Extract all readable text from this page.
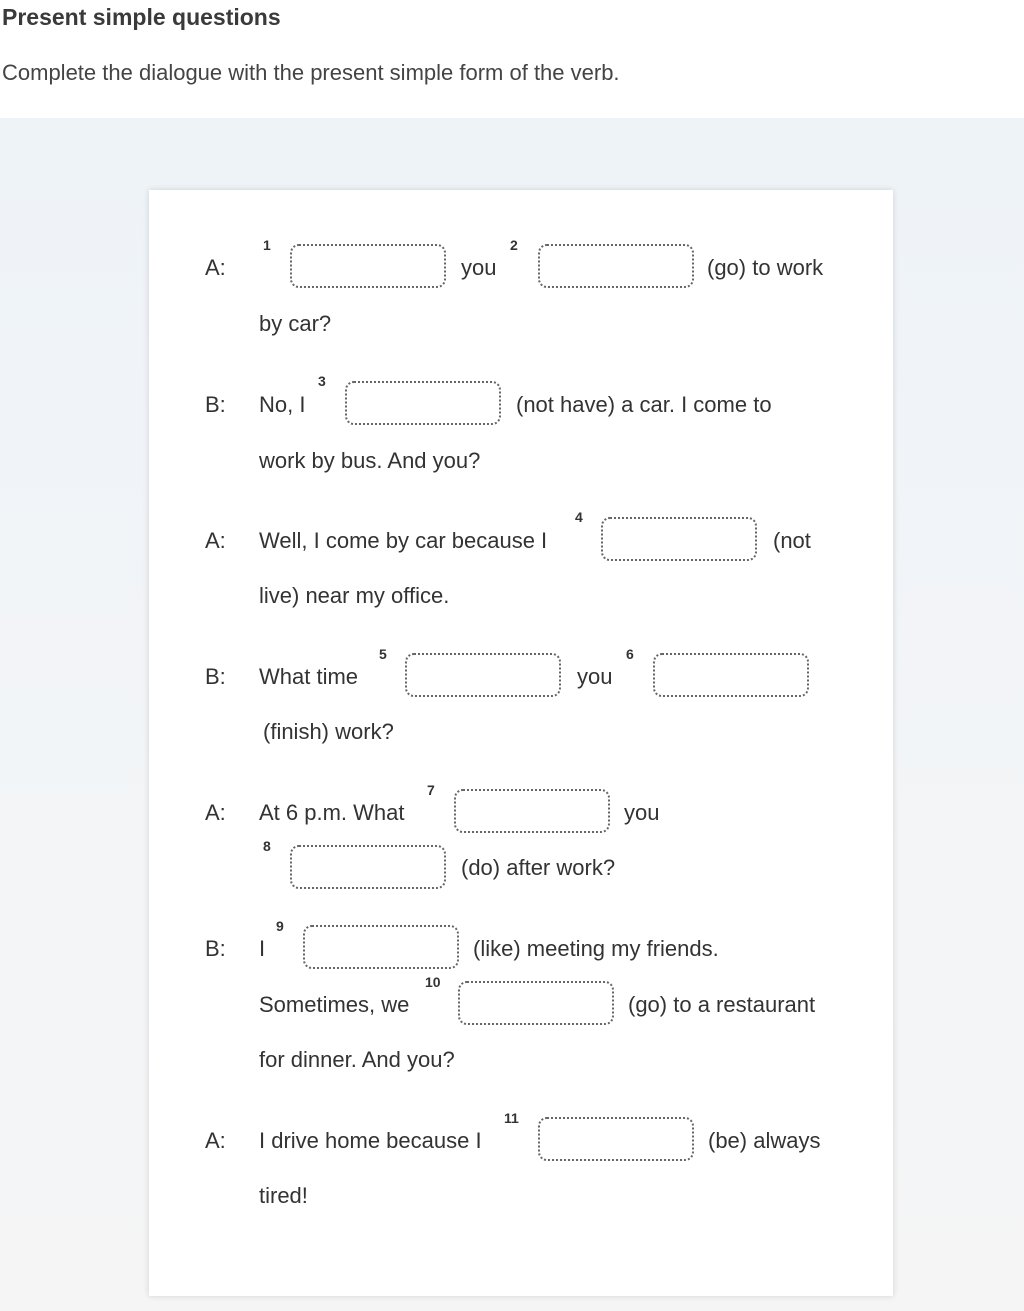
Present simple questions
Complete the dialogue with the present simple form of the verb.
A:
1
you
2
(go) to work
by car?
B: No, I
3
(not have) a car. I come to
work by bus. And you?
A: Well, I come by car because I
4
(not
live) near my office.
B: What time
5
you
6
(finish) work?
A: At 6 p.m. What
7
you
8
(do) after work?
B: I
9
(like) meeting my friends.
Sometimes, we
10
(go) to a restaurant
for dinner. And you?
A: I drive home because I
11
(be) always
tired!
